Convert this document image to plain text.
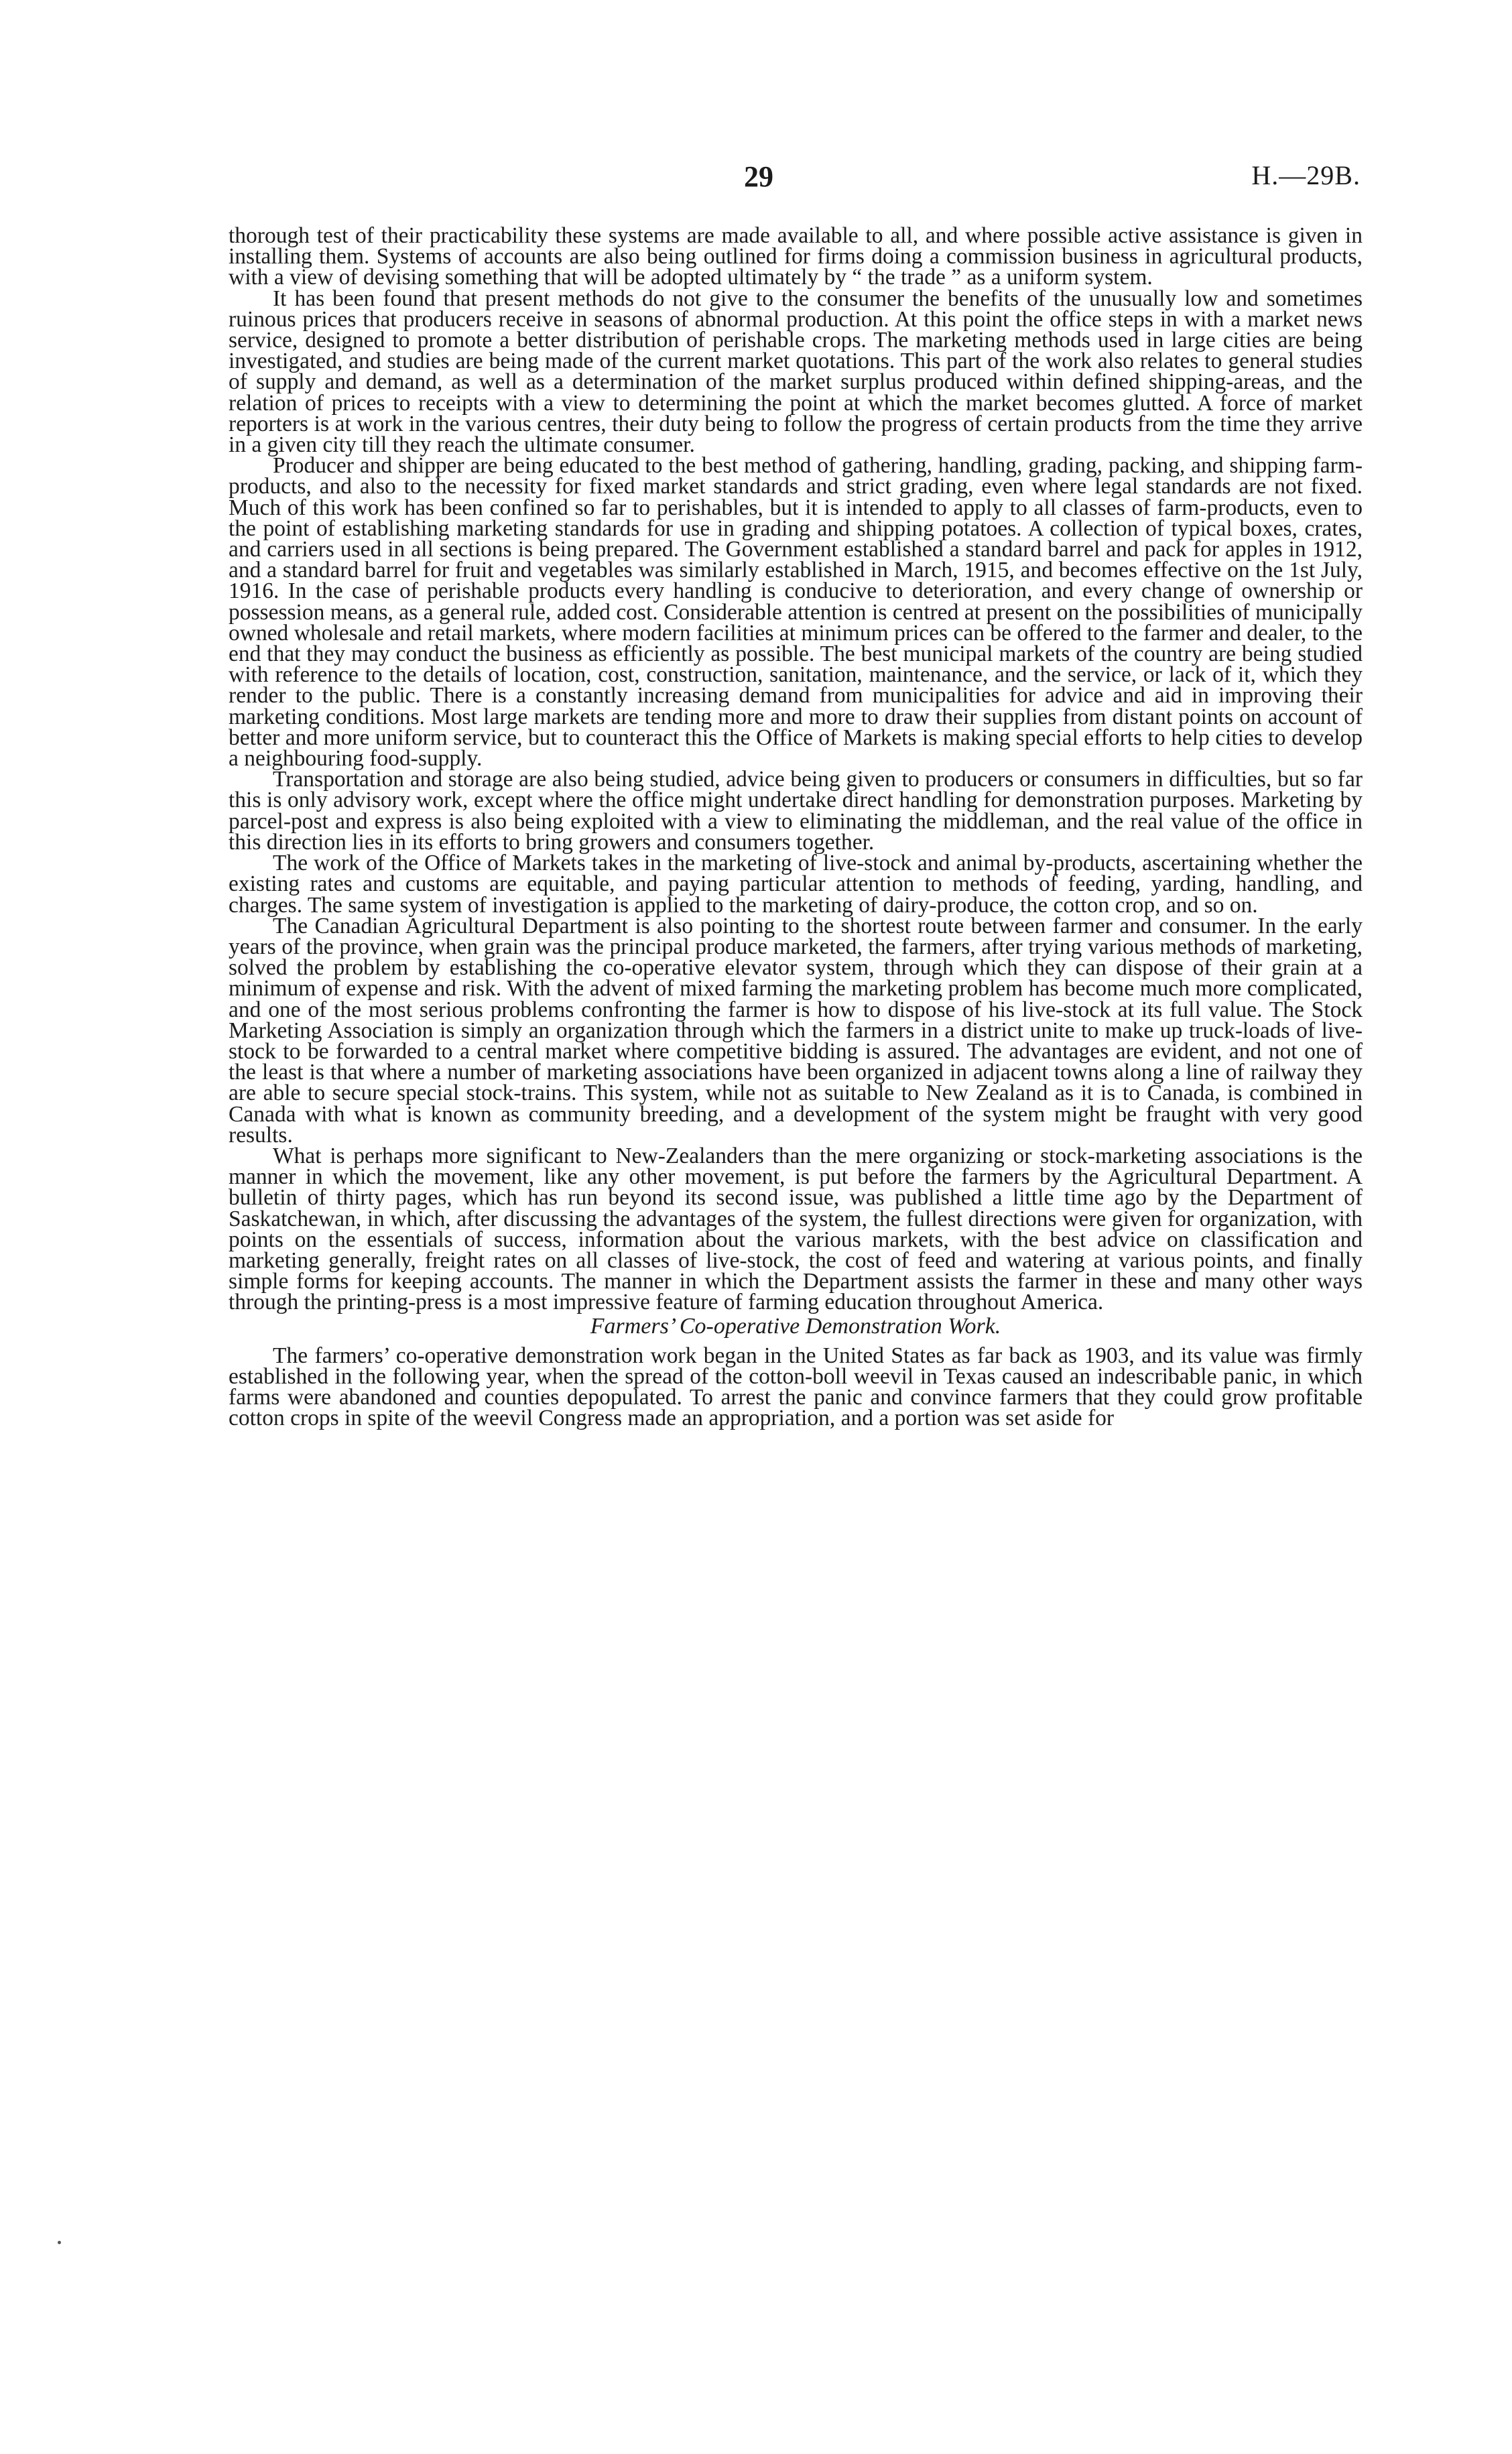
29	H.—29B.

thorough test of their practicability these systems are made available to all, and where possible active assistance is given in installing them. Systems of accounts are also being outlined for firms doing a commission business in agricultural products, with a view of devising something that will be adopted ultimately by “ the trade ” as a uniform system.

It has been found that present methods do not give to the consumer the benefits of the unusually low and sometimes ruinous prices that producers receive in seasons of abnormal production. At this point the office steps in with a market news service, designed to promote a better distribution of perishable crops. The marketing methods used in large cities are being investigated, and studies are being made of the current market quotations. This part of the work also relates to general studies of supply and demand, as well as a determination of the market surplus produced within defined shipping-areas, and the relation of prices to receipts with a view to determining the point at which the market becomes glutted. A force of market reporters is at work in the various centres, their duty being to follow the progress of certain products from the time they arrive in a given city till they reach the ultimate consumer.

Producer and shipper are being educated to the best method of gathering, handling, grading, packing, and shipping farm-products, and also to the necessity for fixed market standards and strict grading, even where legal standards are not fixed. Much of this work has been confined so far to perishables, but it is intended to apply to all classes of farm-products, even to the point of establishing marketing standards for use in grading and shipping potatoes. A collection of typical boxes, crates, and carriers used in all sections is being prepared. The Government established a standard barrel and pack for apples in 1912, and a standard barrel for fruit and vegetables was similarly established in March, 1915, and becomes effective on the 1st July, 1916. In the case of perishable products every handling is conducive to deterioration, and every change of ownership or possession means, as a general rule, added cost. Considerable attention is centred at present on the possibilities of municipally owned wholesale and retail markets, where modern facilities at minimum prices can be offered to the farmer and dealer, to the end that they may conduct the business as efficiently as possible. The best municipal markets of the country are being studied with reference to the details of location, cost, construction, sanitation, maintenance, and the service, or lack of it, which they render to the public. There is a constantly increasing demand from municipalities for advice and aid in improving their marketing conditions. Most large markets are tending more and more to draw their supplies from distant points on account of better and more uniform service, but to counteract this the Office of Markets is making special efforts to help cities to develop a neighbouring food-supply.

Transportation and storage are also being studied, advice being given to producers or consumers in difficulties, but so far this is only advisory work, except where the office might undertake direct handling for demonstration purposes. Marketing by parcel-post and express is also being exploited with a view to eliminating the middleman, and the real value of the office in this direction lies in its efforts to bring growers and consumers together.

The work of the Office of Markets takes in the marketing of live-stock and animal by-products, ascertaining whether the existing rates and customs are equitable, and paying particular attention to methods of feeding, yarding, handling, and charges. The same system of investigation is applied to the marketing of dairy-produce, the cotton crop, and so on.

The Canadian Agricultural Department is also pointing to the shortest route between farmer and consumer. In the early years of the province, when grain was the principal produce marketed, the farmers, after trying various methods of marketing, solved the problem by establishing the co-operative elevator system, through which they can dispose of their grain at a minimum of expense and risk. With the advent of mixed farming the marketing problem has become much more complicated, and one of the most serious problems confronting the farmer is how to dispose of his live-stock at its full value. The Stock Marketing Association is simply an organization through which the farmers in a district unite to make up truck-loads of livestock to be forwarded to a central market where competitive bidding is assured. The advantages are evident, and not one of the least is that where a number of marketing associations have been organized in adjacent towns along a line of railway they are able to secure special stock-trains. This system, while not as suitable to New Zealand as it is to Canada, is combined in Canada with what is known as community breeding, and a development of the system might be fraught with very good results.

What is perhaps more significant to New-Zealanders than the mere organizing or stock-marketing associations is the manner in which the movement, like any other movement, is put before the farmers by the Agricultural Department. A bulletin of thirty pages, which has run beyond its second issue, was published a little time ago by the Department of Saskatchewan, in which, after discussing the advantages of the system, the fullest directions were given for organization, with points on the essentials of success, information about the various markets, with the best advice on classification and marketing generally, freight rates on all classes of live-stock, the cost of feed and watering at various points, and finally simple forms for keeping accounts. The manner in which the Department assists the farmer in these and many other ways through the printing-press is a most impressive feature of farming education throughout America.

Farmers’ Co-operative Demonstration Work.

The farmers’ co-operative demonstration work began in the United States as far back as 1903, and its value was firmly established in the following year, when the spread of the cotton-boll weevil in Texas caused an indescribable panic, in which farms were abandoned and counties depopulated. To arrest the panic and convince farmers that they could grow profitable cotton crops in spite of the weevil Congress made an appropriation, and a portion was set aside for
